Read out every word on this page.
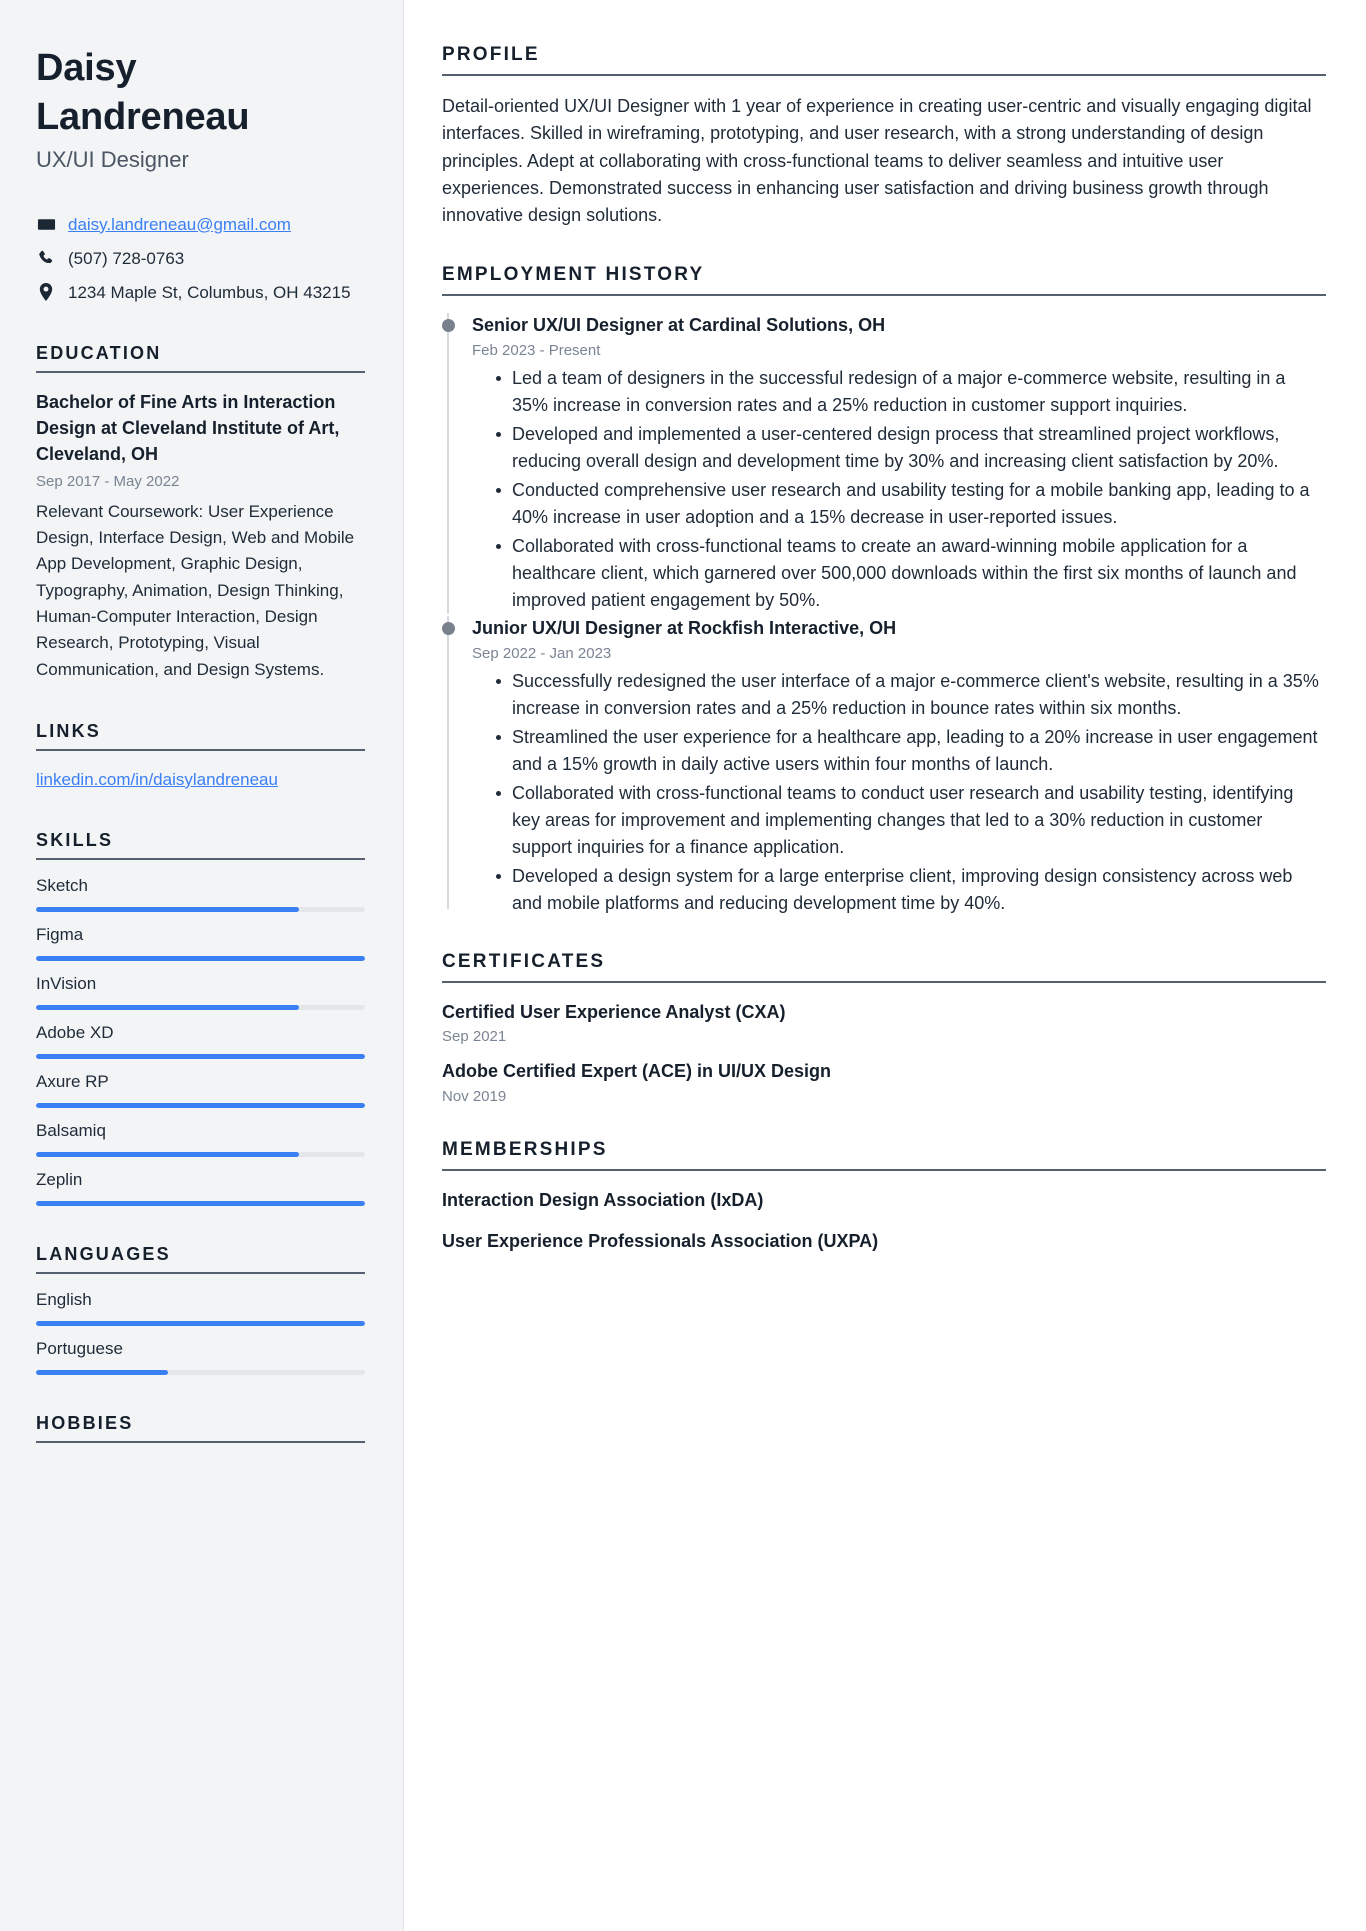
Daisy
Landreneau
UX/UI Designer
daisy.landreneau@gmail.com
(507) 728-0763
1234 Maple St, Columbus, OH 43215
EDUCATION
Bachelor of Fine Arts in Interaction Design at Cleveland Institute of Art, Cleveland, OH
Sep 2017 - May 2022
Relevant Coursework: User Experience Design, Interface Design, Web and Mobile App Development, Graphic Design, Typography, Animation, Design Thinking, Human-Computer Interaction, Design Research, Prototyping, Visual Communication, and Design Systems.
LINKS
linkedin.com/in/daisylandreneau
SKILLS
Sketch
Figma
InVision
Adobe XD
Axure RP
Balsamiq
Zeplin
LANGUAGES
English
Portuguese
HOBBIES
PROFILE

Detail-oriented UX/UI Designer with 1 year of experience in creating user-centric and visually engaging digital interfaces. Skilled in wireframing, prototyping, and user research, with a strong understanding of design principles. Adept at collaborating with cross-functional teams to deliver seamless and intuitive user experiences. Demonstrated success in enhancing user satisfaction and driving business growth through innovative design solutions.

EMPLOYMENT HISTORY
Senior UX/UI Designer at Cardinal Solutions, OH
Feb 2023 - Present
Led a team of designers in the successful redesign of a major e-commerce website, resulting in a 35% increase in conversion rates and a 25% reduction in customer support inquiries.
Developed and implemented a user-centered design process that streamlined project workflows, reducing overall design and development time by 30% and increasing client satisfaction by 20%.
Conducted comprehensive user research and usability testing for a mobile banking app, leading to a 40% increase in user adoption and a 15% decrease in user-reported issues.
Collaborated with cross-functional teams to create an award-winning mobile application for a healthcare client, which garnered over 500,000 downloads within the first six months of launch and improved patient engagement by 50%.
Junior UX/UI Designer at Rockfish Interactive, OH
Sep 2022 - Jan 2023
Successfully redesigned the user interface of a major e-commerce client's website, resulting in a 35% increase in conversion rates and a 25% reduction in bounce rates within six months.
Streamlined the user experience for a healthcare app, leading to a 20% increase in user engagement and a 15% growth in daily active users within four months of launch.
Collaborated with cross-functional teams to conduct user research and usability testing, identifying key areas for improvement and implementing changes that led to a 30% reduction in customer support inquiries for a finance application.
Developed a design system for a large enterprise client, improving design consistency across web and mobile platforms and reducing development time by 40%.
CERTIFICATES
Certified User Experience Analyst (CXA)
Sep 2021
Adobe Certified Expert (ACE) in UI/UX Design
Nov 2019
MEMBERSHIPS
Interaction Design Association (IxDA)
User Experience Professionals Association (UXPA)
